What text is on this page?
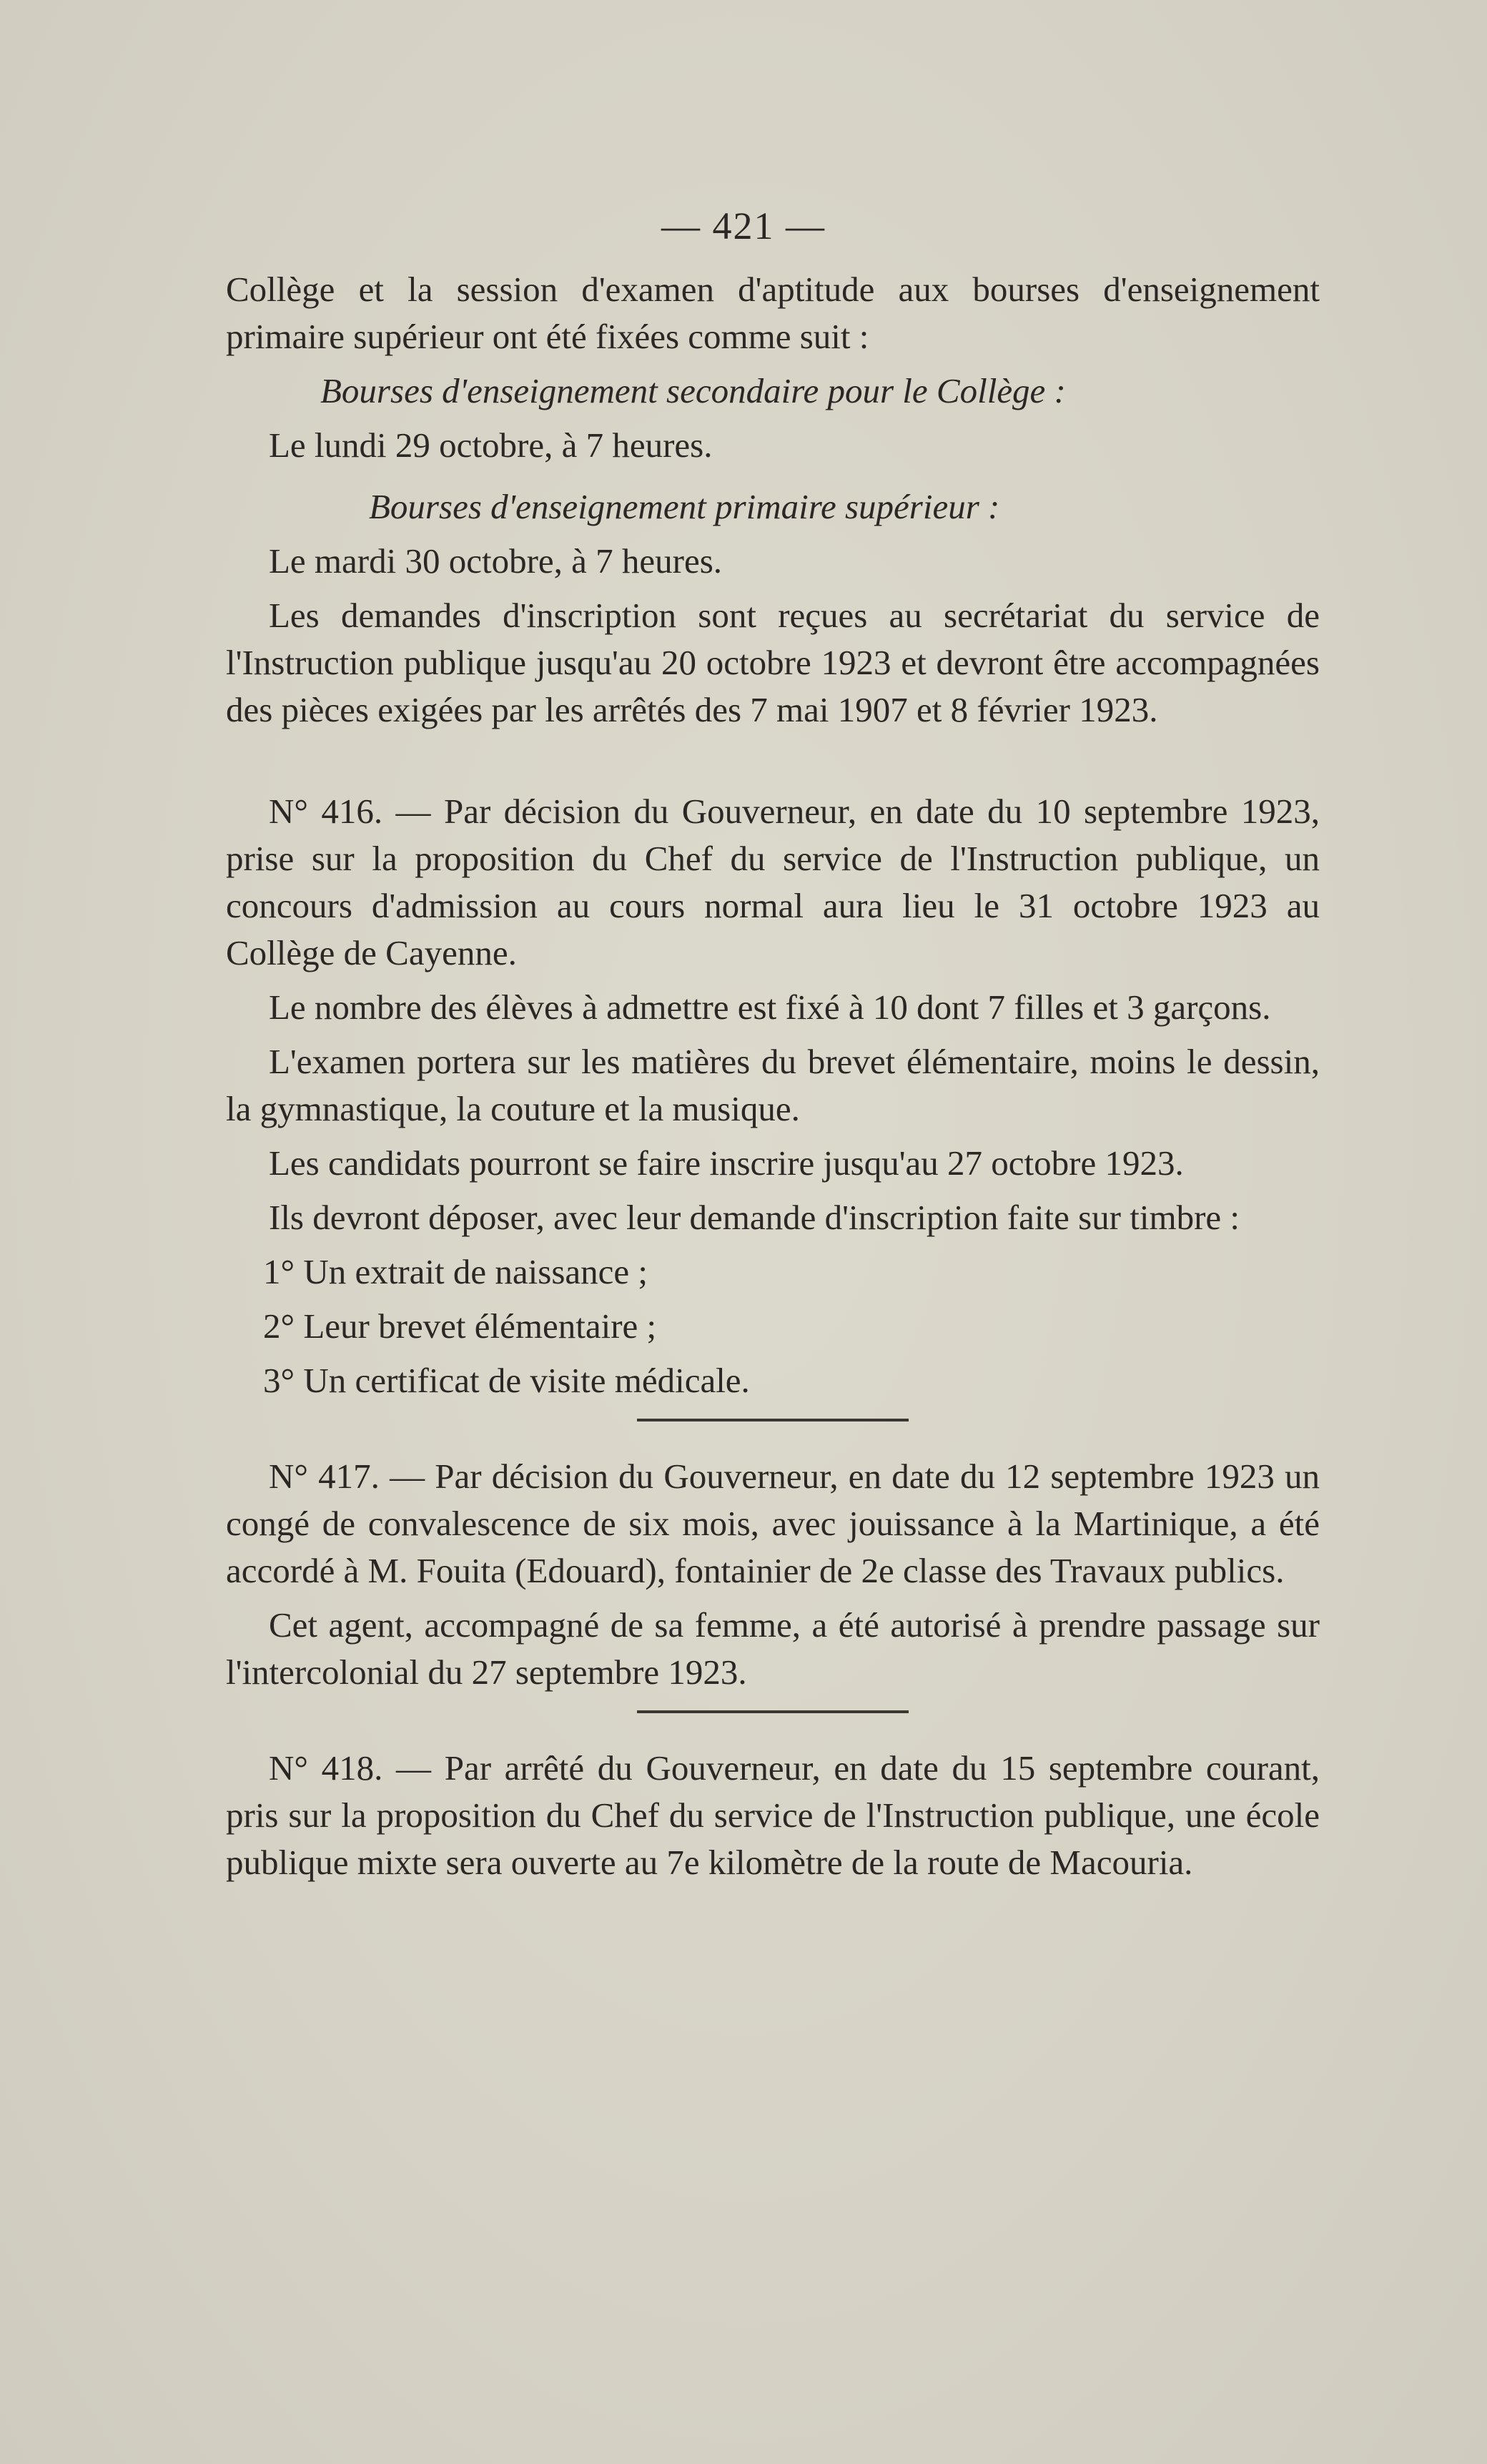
— 421 —

Collège et la session d'examen d'aptitude aux bourses d'enseignement primaire supérieur ont été fixées comme suit :

Bourses d'enseignement secondaire pour le Collège :

Le lundi 29 octobre, à 7 heures.

Bourses d'enseignement primaire supérieur :

Le mardi 30 octobre, à 7 heures.

Les demandes d'inscription sont reçues au secrétariat du service de l'Instruction publique jusqu'au 20 octobre 1923 et devront être accompagnées des pièces exigées par les arrêtés des 7 mai 1907 et 8 février 1923.

N° 416. — Par décision du Gouverneur, en date du 10 septembre 1923, prise sur la proposition du Chef du service de l'Instruction publique, un concours d'admission au cours normal aura lieu le 31 octobre 1923 au Collège de Cayenne.

Le nombre des élèves à admettre est fixé à 10 dont 7 filles et 3 garçons.

L'examen portera sur les matières du brevet élémentaire, moins le dessin, la gymnastique, la couture et la musique.

Les candidats pourront se faire inscrire jusqu'au 27 octobre 1923.

Ils devront déposer, avec leur demande d'inscription faite sur timbre :

1° Un extrait de naissance ;

2° Leur brevet élémentaire ;

3° Un certificat de visite médicale.

N° 417. — Par décision du Gouverneur, en date du 12 septembre 1923 un congé de convalescence de six mois, avec jouissance à la Martinique, a été accordé à M. Fouita (Edouard), fontainier de 2e classe des Travaux publics.

Cet agent, accompagné de sa femme, a été autorisé à prendre passage sur l'intercolonial du 27 septembre 1923.

N° 418. — Par arrêté du Gouverneur, en date du 15 septembre courant, pris sur la proposition du Chef du service de l'Instruction publique, une école publique mixte sera ouverte au 7e kilomètre de la route de Macouria.
